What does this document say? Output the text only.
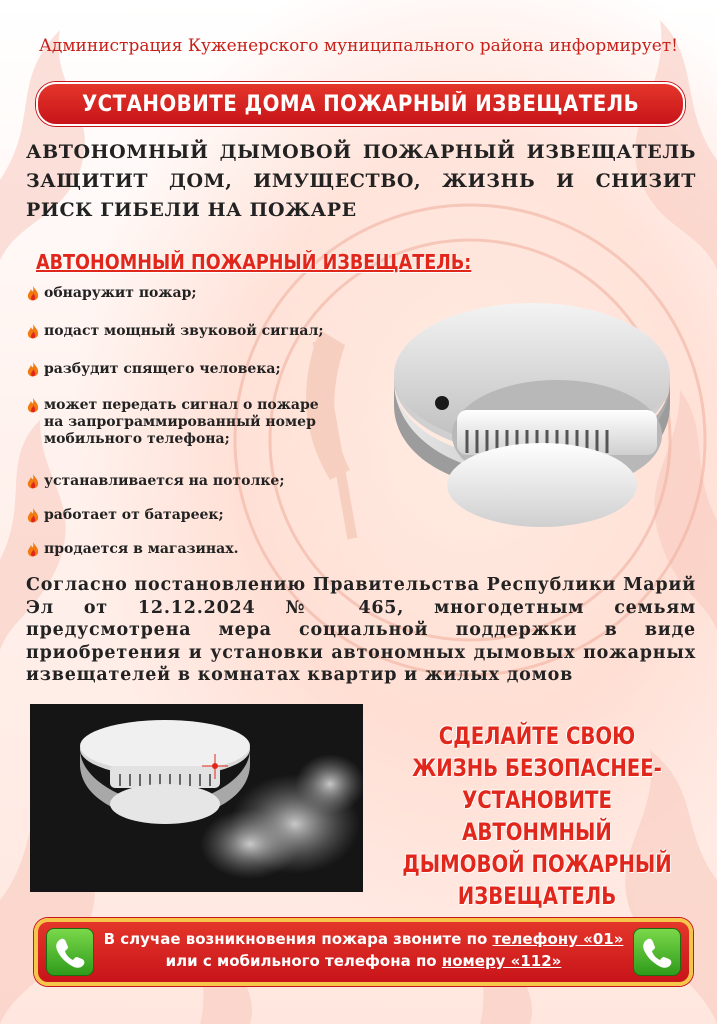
Администрация Куженерского муниципального района информирует!
УСТАНОВИТЕ ДОМА ПОЖАРНЫЙ ИЗВЕЩАТЕЛЬ
АВТОНОМНЫЙ ДЫМОВОЙ ПОЖАРНЫЙ ИЗВЕЩАТЕЛЬ ЗАЩИТИТ ДОМ, ИМУЩЕСТВО, ЖИЗНЬ И СНИЗИТ РИСК ГИБЕЛИ НА ПОЖАРЕ
АВТОНОМНЫЙ ПОЖАРНЫЙ ИЗВЕЩАТЕЛЬ:
обнаружит пожар;
подаст мощный звуковой сигнал;
разбудит спящего человека;
может передать сигнал о пожаре
на запрограммированный номер
мобильного телефона;
устанавливается на потолке;
работает от батареек;
продается в магазинах.
Согласно постановлению Правительства Республики Марий Эл от 12.12.2024 № 465, многодетным семьям предусмотрена мера социальной поддержки в виде приобретения и установки автономных дымовых пожарных извещателей в комнатах квартир и жилых домов
СДЕЛАЙТЕ СВОЮ
ЖИЗНЬ БЕЗОПАСНЕЕ-
УСТАНОВИТЕ АВТОНМНЫЙ
ДЫМОВОЙ ПОЖАРНЫЙ
ИЗВЕЩАТЕЛЬ
В случае возникновения пожара звоните по телефону «01»
или с мобильного телефона по номеру «112»
